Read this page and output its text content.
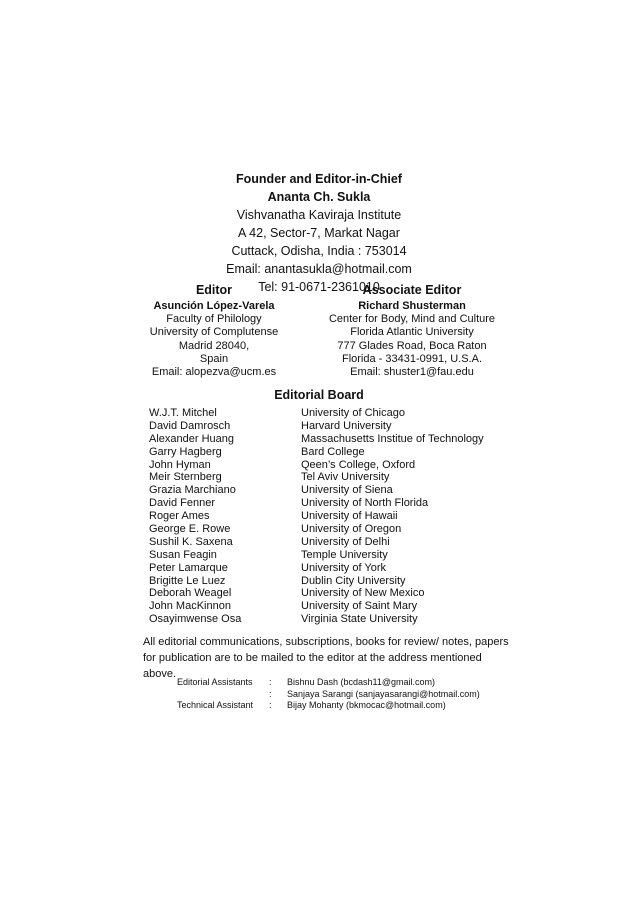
Founder and Editor-in-Chief
Ananta Ch. Sukla
Vishvanatha Kaviraja Institute
A 42, Sector-7, Markat Nagar
Cuttack, Odisha, India : 753014
Email: anantasukla@hotmail.com
Tel: 91-0671-2361010
Editor
Asunción López-Varela
Faculty of Philology
University of Complutense
Madrid 28040,
Spain
Email: alopezva@ucm.es
Associate Editor
Richard Shusterman
Center for Body, Mind and Culture
Florida Atlantic University
777 Glades Road, Boca Raton
Florida - 33431-0991, U.S.A.
Email: shuster1@fau.edu
Editorial Board
W.J.T. Mitchel	University of Chicago
David Damrosch	Harvard University
Alexander Huang	Massachusetts Institue of Technology
Garry Hagberg	Bard College
John Hyman	Qeen’s College, Oxford
Meir Sternberg	Tel Aviv University
Grazia Marchiano	University of Siena
David Fenner	University of North Florida
Roger Ames	University of Hawaii
George E. Rowe	University of Oregon
Sushil K. Saxena	University of Delhi
Susan Feagin	Temple University
Peter Lamarque	University of York
Brigitte Le Luez	Dublin City University
Deborah Weagel	University of New Mexico
John MacKinnon	University of Saint Mary
Osayimwense Osa	Virginia State University
All editorial communications, subscriptions, books for review/ notes, papers for publication are to be mailed to the editor at the address mentioned above.
Editorial Assistants : Bishnu Dash (bcdash11@gmail.com)
: Sanjaya Sarangi (sanjayasarangi@hotmail.com)
Technical Assistant : Bijay Mohanty (bkmocac@hotmail.com)
